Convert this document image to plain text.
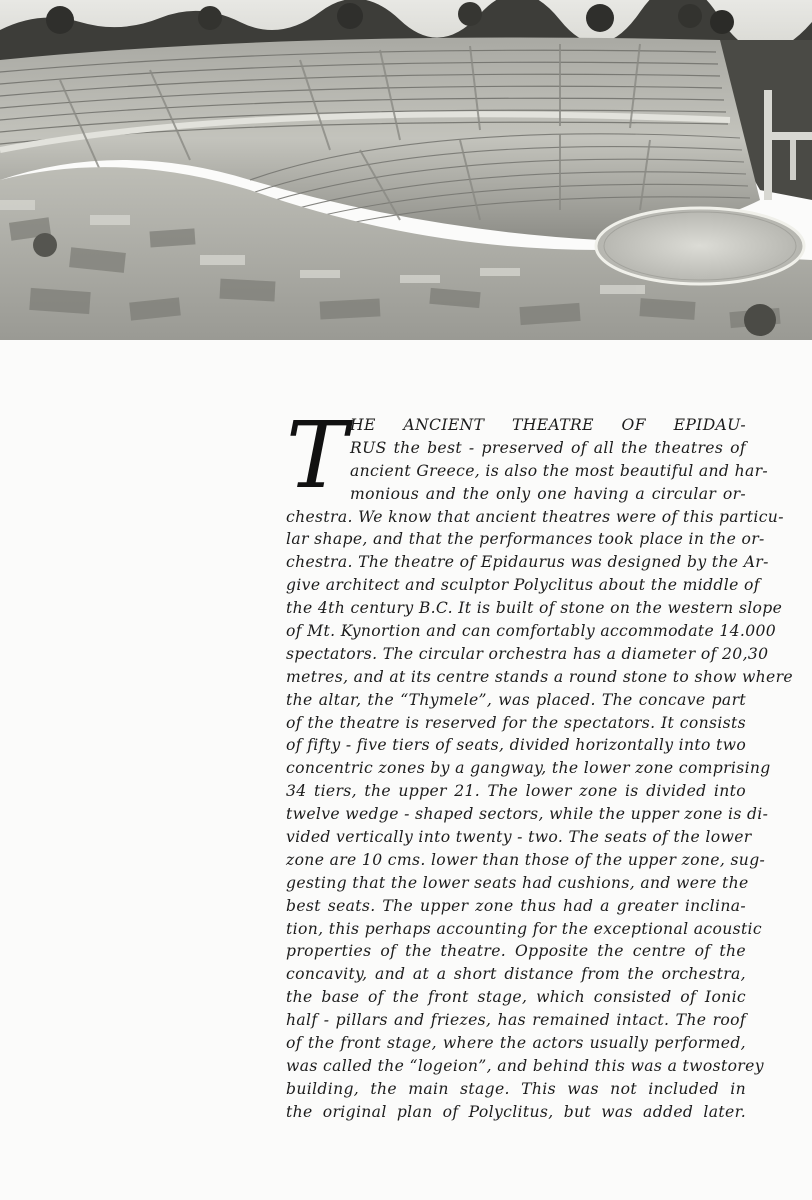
T HE ANCIENT THEATRE OF EPIDAU-
RUS the best - preserved of all the theatres of
ancient Greece, is also the most beautiful and har-
monious and the only one having a circular or-
chestra. We know that ancient theatres were of this particu-
lar shape, and that the performances took place in the or-
chestra. The theatre of Epidaurus was designed by the Ar-
give architect and sculptor Polyclitus about the middle of
the 4th century B.C. It is built of stone on the western slope
of Mt. Kynortion and can comfortably accommodate 14.000
spectators. The circular orchestra has a diameter of 20,30
metres, and at its centre stands a round stone to show where
the altar, the “Thymele”, was placed. The concave part
of the theatre is reserved for the spectators. It consists
of fifty - five tiers of seats, divided horizontally into two
concentric zones by a gangway, the lower zone comprising
34 tiers, the upper 21. The lower zone is divided into
twelve wedge - shaped sectors, while the upper zone is di-
vided vertically into twenty - two. The seats of the lower
zone are 10 cms. lower than those of the upper zone, sug-
gesting that the lower seats had cushions, and were the
best seats. The upper zone thus had a greater inclina-
tion, this perhaps accounting for the exceptional acoustic
properties of the theatre. Opposite the centre of the
concavity, and at a short distance from the orchestra,
the base of the front stage, which consisted of Ionic
half - pillars and friezes, has remained intact. The roof
of the front stage, where the actors usually performed,
was called the “logeion”, and behind this was a twostorey
building, the main stage. This was not included in
the original plan of Polyclitus, but was added later.
